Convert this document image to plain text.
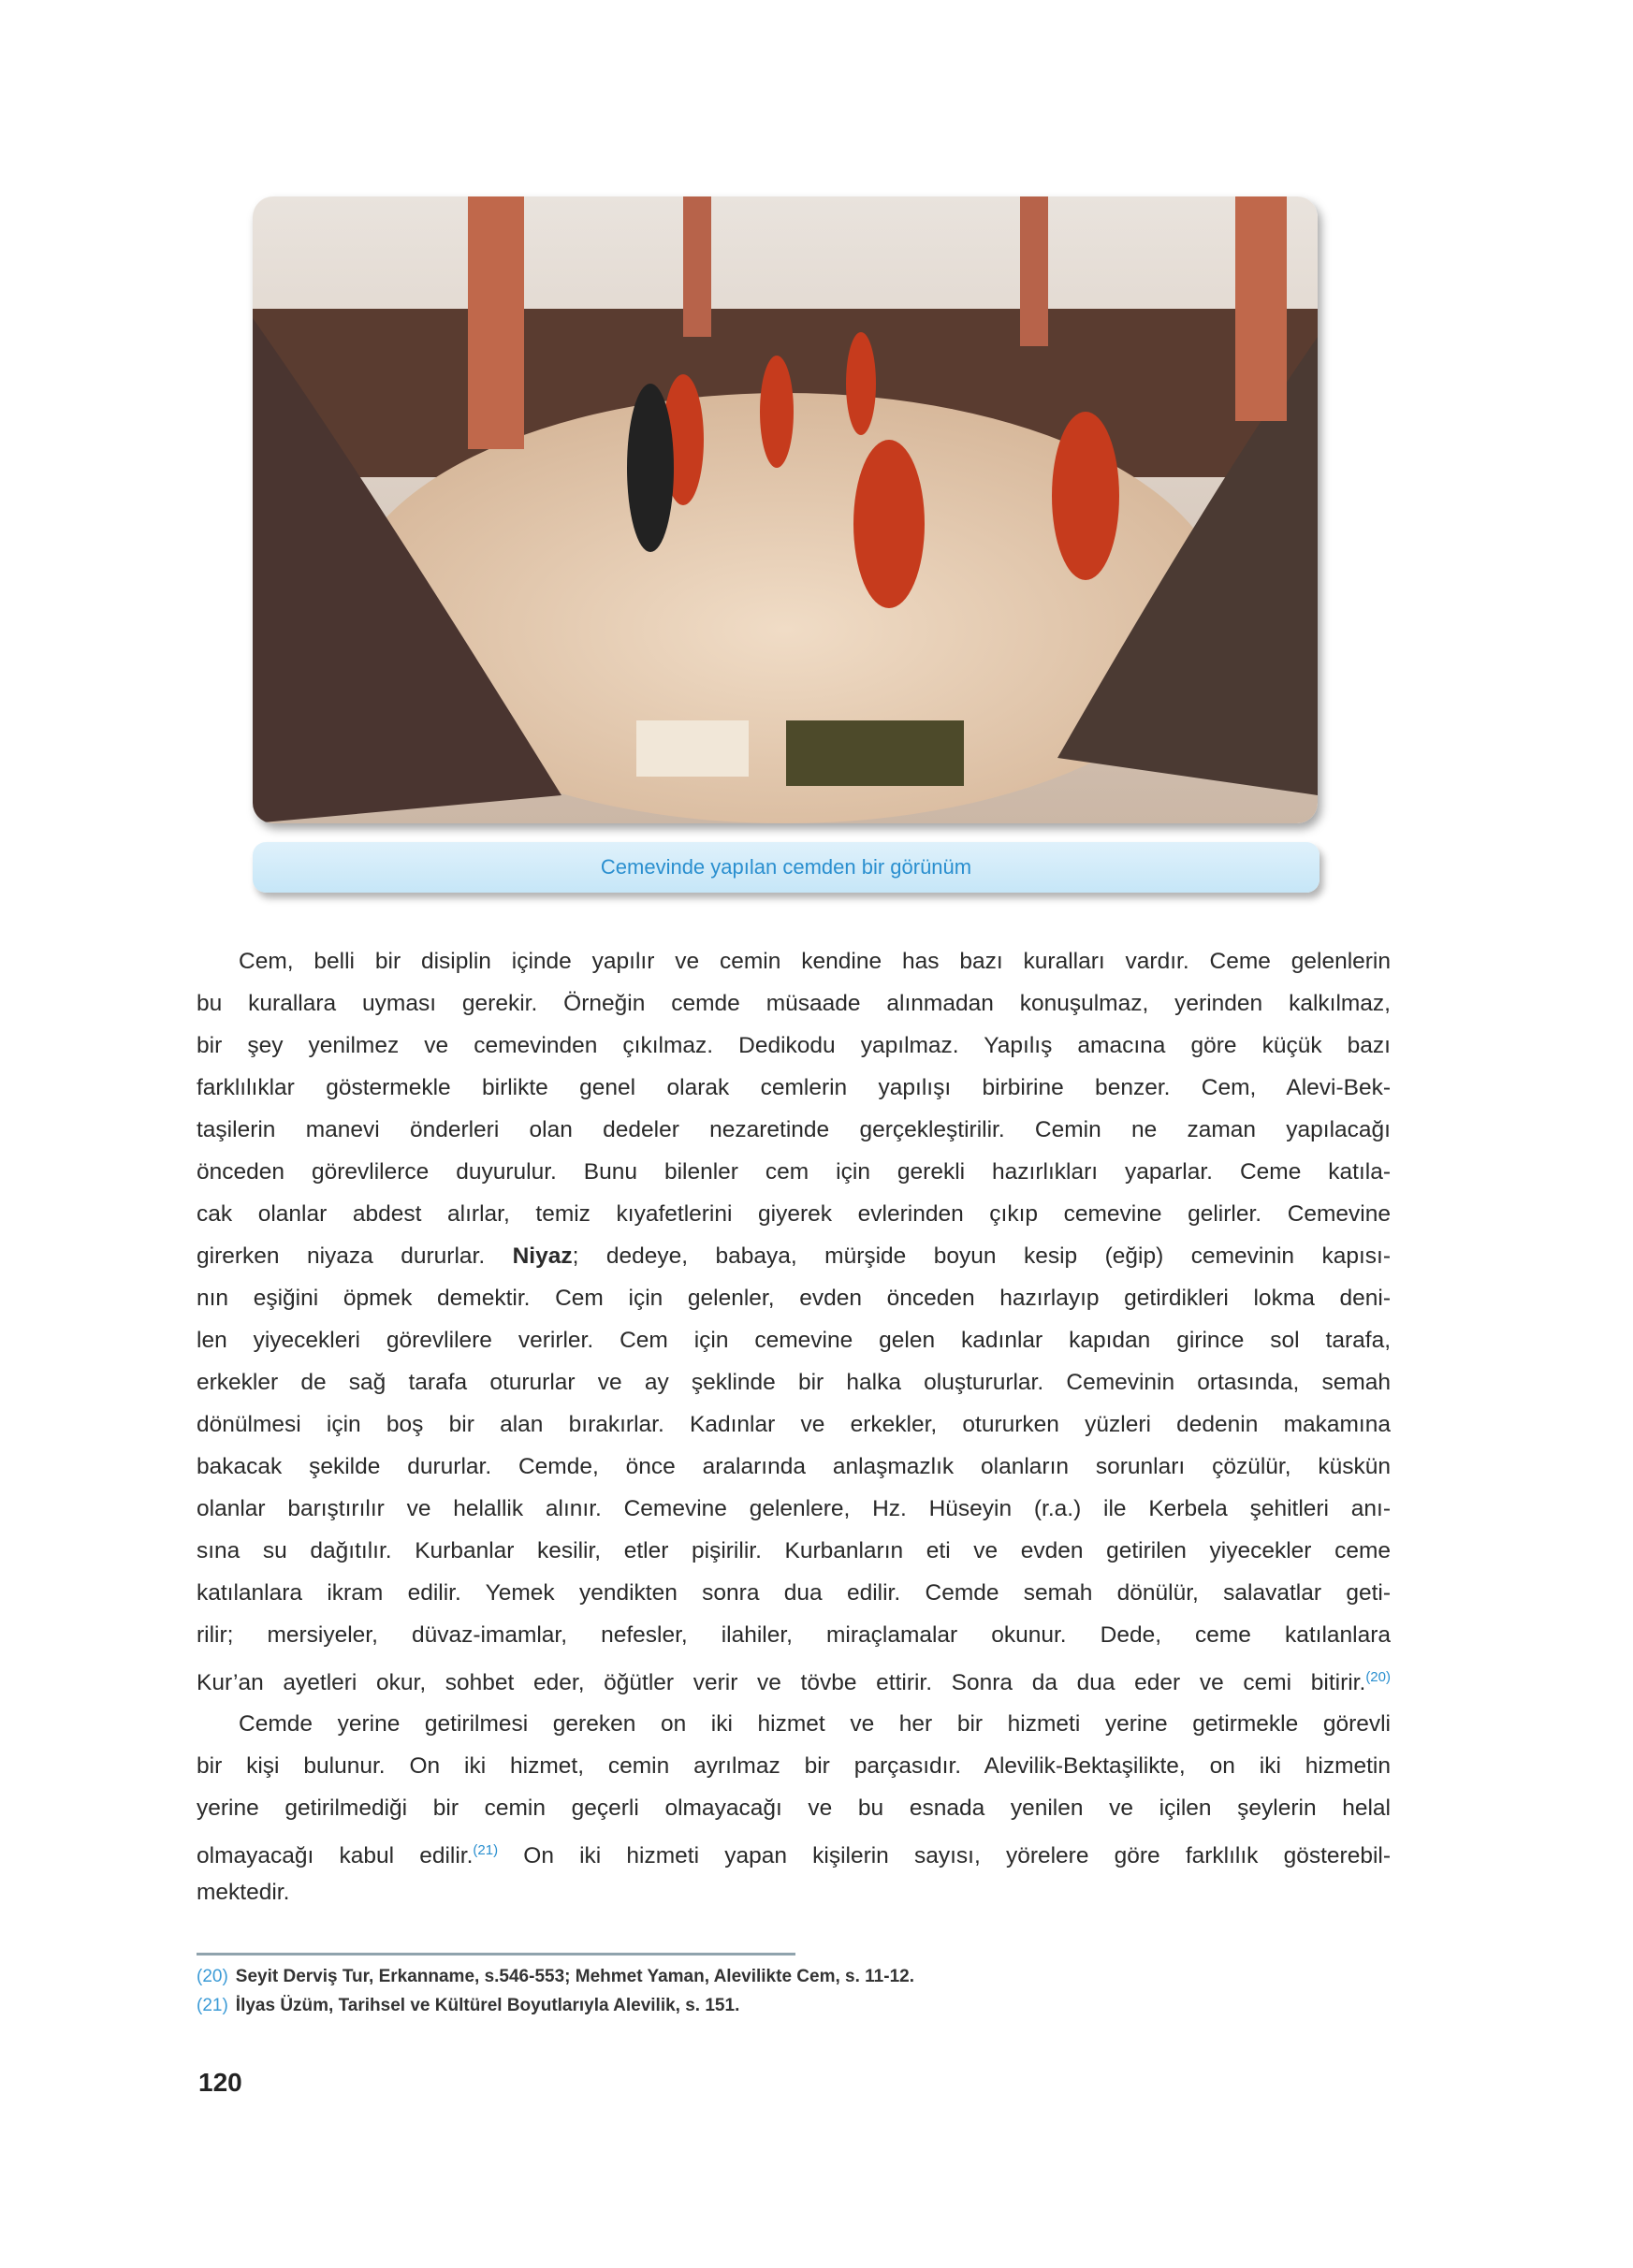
Cemevinde yapılan cemden bir görünüm
Cem, belli bir disiplin içinde yapılır ve cemin kendine has bazı kuralları vardır. Ceme gelenlerin
bu kurallara uyması gerekir. Örneğin cemde müsaade alınmadan konuşulmaz, yerinden kalkılmaz,
bir şey yenilmez ve cemevinden çıkılmaz. Dedikodu yapılmaz. Yapılış amacına göre küçük bazı
farklılıklar göstermekle birlikte genel olarak cemlerin yapılışı birbirine benzer. Cem, Alevi-Bek-
taşilerin manevi önderleri olan dedeler nezaretinde gerçekleştirilir. Cemin ne zaman yapılacağı
önceden görevlilerce duyurulur. Bunu bilenler cem için gerekli hazırlıkları yaparlar. Ceme katıla-
cak olanlar abdest alırlar, temiz kıyafetlerini giyerek evlerinden çıkıp cemevine gelirler. Cemevine
girerken niyaza dururlar. Niyaz; dedeye, babaya, mürşide boyun kesip (eğip) cemevinin kapısı-
nın eşiğini öpmek demektir. Cem için gelenler, evden önceden hazırlayıp getirdikleri lokma deni-
len yiyecekleri görevlilere verirler. Cem için cemevine gelen kadınlar kapıdan girince sol tarafa,
erkekler de sağ tarafa otururlar ve ay şeklinde bir halka oluştururlar. Cemevinin ortasında, semah
dönülmesi için boş bir alan bırakırlar. Kadınlar ve erkekler, otururken yüzleri dedenin makamına
bakacak şekilde dururlar. Cemde, önce aralarında anlaşmazlık olanların sorunları çözülür, küskün
olanlar barıştırılır ve helallik alınır. Cemevine gelenlere, Hz. Hüseyin (r.a.) ile Kerbela şehitleri anı-
sına su dağıtılır. Kurbanlar kesilir, etler pişirilir. Kurbanların eti ve evden getirilen yiyecekler ceme
katılanlara ikram edilir. Yemek yendikten sonra dua edilir. Cemde semah dönülür, salavatlar geti-
rilir; mersiyeler, düvaz-imamlar, nefesler, ilahiler, miraçlamalar okunur. Dede, ceme katılanlara
Kur’an ayetleri okur, sohbet eder, öğütler verir ve tövbe ettirir. Sonra da dua eder ve cemi bitirir.$^{(20)}$
Cemde yerine getirilmesi gereken on iki hizmet ve her bir hizmeti yerine getirmekle görevli
bir kişi bulunur. On iki hizmet, cemin ayrılmaz bir parçasıdır. Alevilik-Bektaşilikte, on iki hizmetin
yerine getirilmediği bir cemin geçerli olmayacağı ve bu esnada yenilen ve içilen şeylerin helal
olmayacağı kabul edilir.$^{(21)}$ On iki hizmeti yapan kişilerin sayısı, yörelere göre farklılık gösterebil-
mektedir.
(20) Seyit Derviş Tur, Erkanname, s.546-553; Mehmet Yaman, Alevilikte Cem, s. 11-12.
(21) İlyas Üzüm, Tarihsel ve Kültürel Boyutlarıyla Alevilik, s. 151.
120
